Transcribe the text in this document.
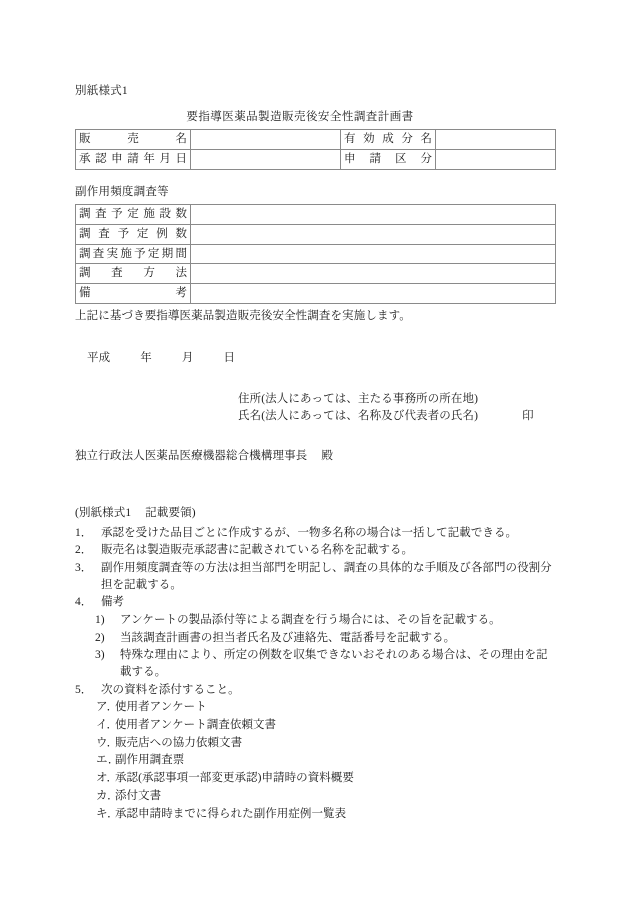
別紙様式1
要指導医薬品製造販売後安全性調査計画書
販　　売　　名		有効成分名	

承認申請年月日		申請区分	

副作用頻度調査等
調査予定施設数	

調査予定例数	

調査実施予定期間	

調査方法	

備考	

上記に基づき要指導医薬品製造販売後安全性調査を実施します。
平成	年	月	日
住所(法人にあっては、主たる事務所の所在地)
氏名(法人にあっては、名称及び代表者の氏名)	印
独立行政法人医薬品医療機器総合機構理事長 殿
(別紙様式1 記載要領)
1． 承認を受けた品目ごとに作成するが、一物多名称の場合は一括して記載できる。
2． 販売名は製造販売承認書に記載されている名称を記載する。
3． 副作用頻度調査等の方法は担当部門を明記し、調査の具体的な手順及び各部門の役割分担を記載する。
4． 備考
1)	アンケートの製品添付等による調査を行う場合には、その旨を記載する。
2)	当該調査計画書の担当者氏名及び連絡先、電話番号を記載する。
3)	特殊な理由により、所定の例数を収集できないおそれのある場合は、その理由を記載する。
5． 次の資料を添付すること。
ア．
使用者アンケート
イ．
使用者アンケート調査依頼文書
ウ．
販売店への協力依頼文書
エ．
副作用調査票
オ．
承認(承認事項一部変更承認)申請時の資料概要
カ．
添付文書
キ．
承認申請時までに得られた副作用症例一覧表
